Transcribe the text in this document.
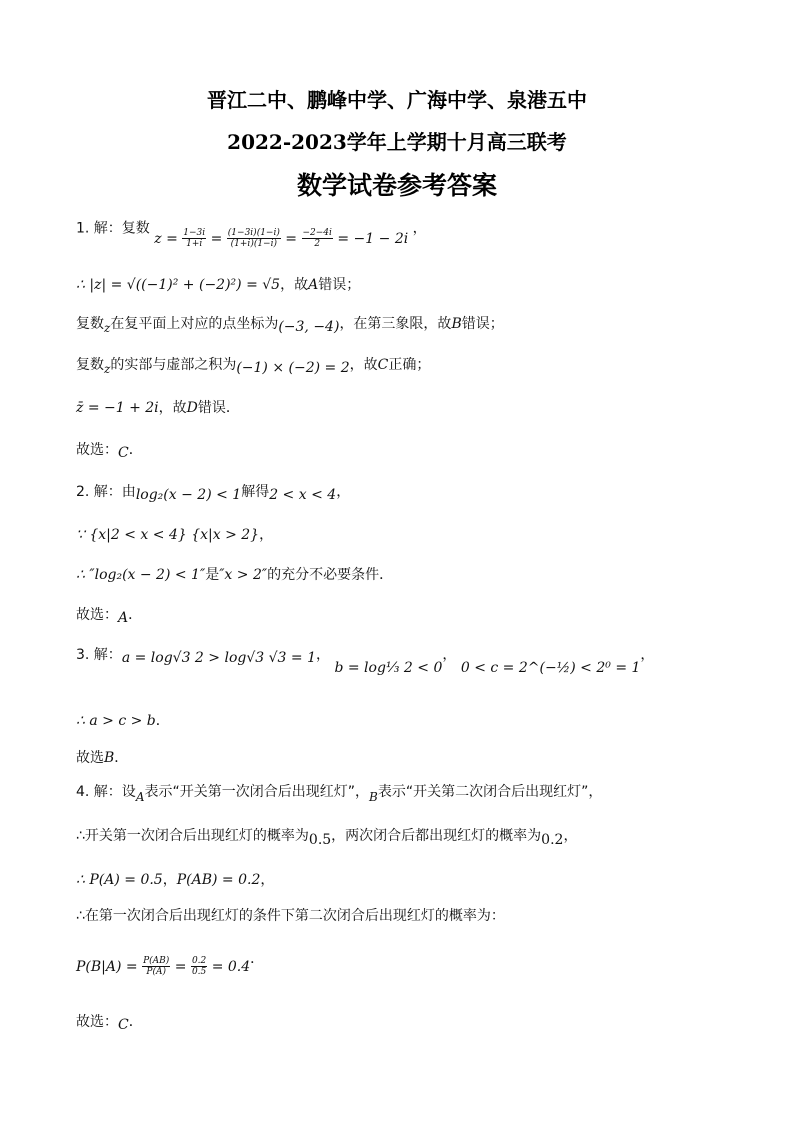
晋江二中、鹏峰中学、广海中学、泉港五中
2022-2023学年上学期十月高三联考
数学试卷参考答案
1. 解：复数 $z = \frac{1-3i}{1+i} = \frac{(1-3i)(1-i)}{(1+i)(1-i)} = \frac{-2-4i}{2} = -1 - 2i$ ，
∴ |z| = √((−1)² + (−2)²) = √5，故A错误；
复数z在复平面上对应的点坐标为(−3, −4)，在第三象限，故B错误；
复数z的实部与虚部之积为(−1) × (−2) = 2，故C正确；
z̄ = −1 + 2i，故D错误．
故选：C．
2. 解：由log₂(x − 2) < 1解得2 < x < 4，
∵ {x|2 < x < 4} {x|x > 2}，
∴ ″log₂(x − 2) < 1″是″x > 2″的充分不必要条件．
故选：A．
3. 解：a = log√3 2 > log√3 √3 = 1， b = log⅓ 2 < 0， 0 < c = 2^(−½) < 2⁰ = 1，
∴ a > c > b．
故选B．
4. 解：设A表示“开关第一次闭合后出现红灯”，B表示“开关第二次闭合后出现红灯”，
∴开关第一次闭合后出现红灯的概率为0.5，两次闭合后都出现红灯的概率为0.2，
∴ P(A) = 0.5，P(AB) = 0.2，
∴在第一次闭合后出现红灯的条件下第二次闭合后出现红灯的概率为：
$P(B|A) = \frac{P(AB)}{P(A)} = \frac{0.2}{0.5} = 0.4$．
故选：C．
